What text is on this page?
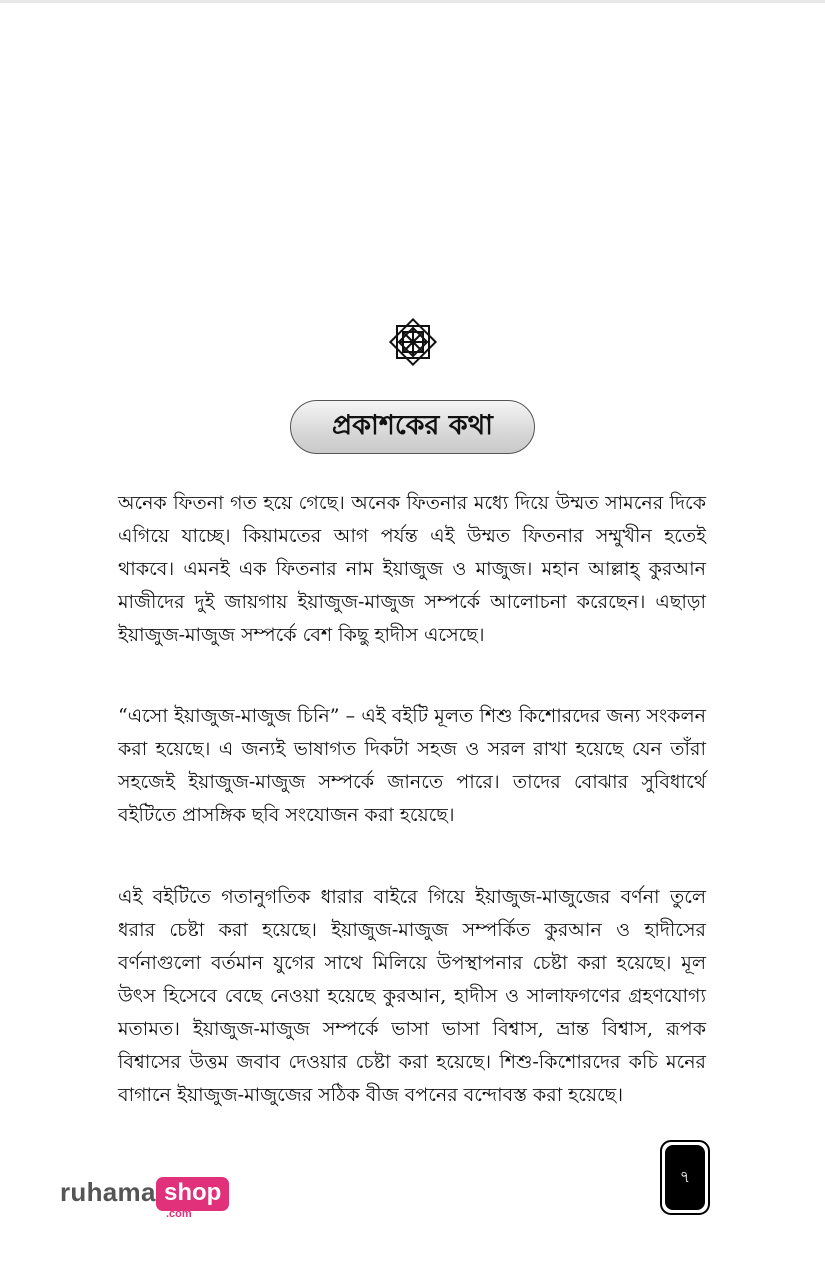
প্রকাশকের কথা

অনেক ফিতনা গত হয়ে গেছে। অনেক ফিতনার মধ্যে দিয়ে উম্মত সামনের দিকে এগিয়ে যাচ্ছে। কিয়ামতের আগ পর্যন্ত এই উম্মত ফিতনার সম্মুখীন হতেই থাকবে। এমনই এক ফিতনার নাম ইয়াজুজ ও মাজুজ। মহান আল্লাহ্ কুরআন মাজীদের দুই জায়গায় ইয়াজুজ-মাজুজ সম্পর্কে আলোচনা করেছেন। এছাড়া ইয়াজুজ-মাজুজ সম্পর্কে বেশ কিছু হাদীস এসেছে।

“এসো ইয়াজুজ-মাজুজ চিনি” – এই বইটি মূলত শিশু কিশোরদের জন্য সংকলন করা হয়েছে। এ জন্যই ভাষাগত দিকটা সহজ ও সরল রাখা হয়েছে যেন তাঁরা সহজেই ইয়াজুজ-মাজুজ সম্পর্কে জানতে পারে। তাদের বোঝার সুবিধার্থে বইটিতে প্রাসঙ্গিক ছবি সংযোজন করা হয়েছে।

এই বইটিতে গতানুগতিক ধারার বাইরে গিয়ে ইয়াজুজ-মাজুজের বর্ণনা তুলে ধরার চেষ্টা করা হয়েছে। ইয়াজুজ-মাজুজ সম্পর্কিত কুরআন ও হাদীসের বর্ণনাগুলো বর্তমান যুগের সাথে মিলিয়ে উপস্থাপনার চেষ্টা করা হয়েছে। মূল উৎস হিসেবে বেছে নেওয়া হয়েছে কুরআন, হাদীস ও সালাফগণের গ্রহণযোগ্য মতামত। ইয়াজুজ-মাজুজ সম্পর্কে ভাসা ভাসা বিশ্বাস, ভ্রান্ত বিশ্বাস, রূপক বিশ্বাসের উত্তম জবাব দেওয়ার চেষ্টা করা হয়েছে। শিশু-কিশোরদের কচি মনের বাগানে ইয়াজুজ-মাজুজের সঠিক বীজ বপনের বন্দোবস্ত করা হয়েছে।

ruhama shop
.com
৭
